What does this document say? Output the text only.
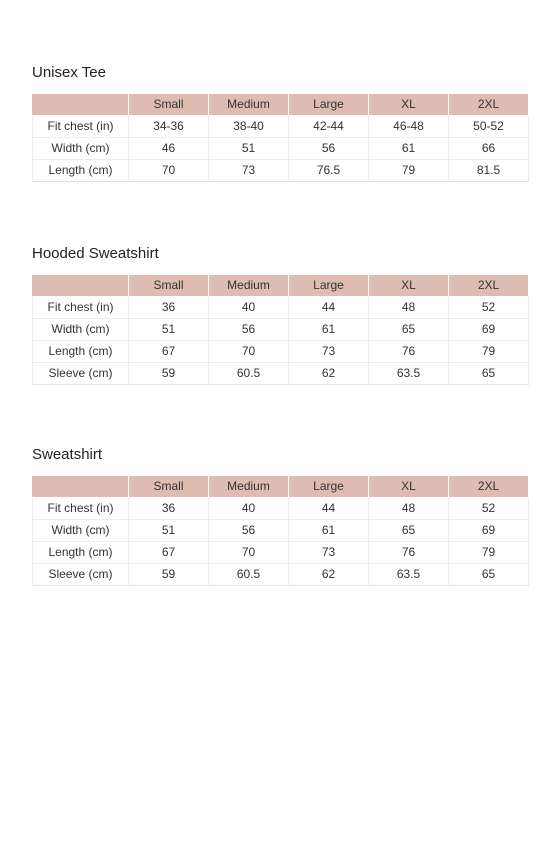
Unisex Tee
	Small	Medium	Large	XL	2XL
Fit chest (in)	34-36	38-40	42-44	46-48	50-52
Width (cm)	46	51	56	61	66
Length (cm)	70	73	76.5	79	81.5
Hooded Sweatshirt
	Small	Medium	Large	XL	2XL
Fit chest (in)	36	40	44	48	52
Width (cm)	51	56	61	65	69
Length (cm)	67	70	73	76	79
Sleeve (cm)	59	60.5	62	63.5	65
Sweatshirt
	Small	Medium	Large	XL	2XL
Fit chest (in)	36	40	44	48	52
Width (cm)	51	56	61	65	69
Length (cm)	67	70	73	76	79
Sleeve (cm)	59	60.5	62	63.5	65
